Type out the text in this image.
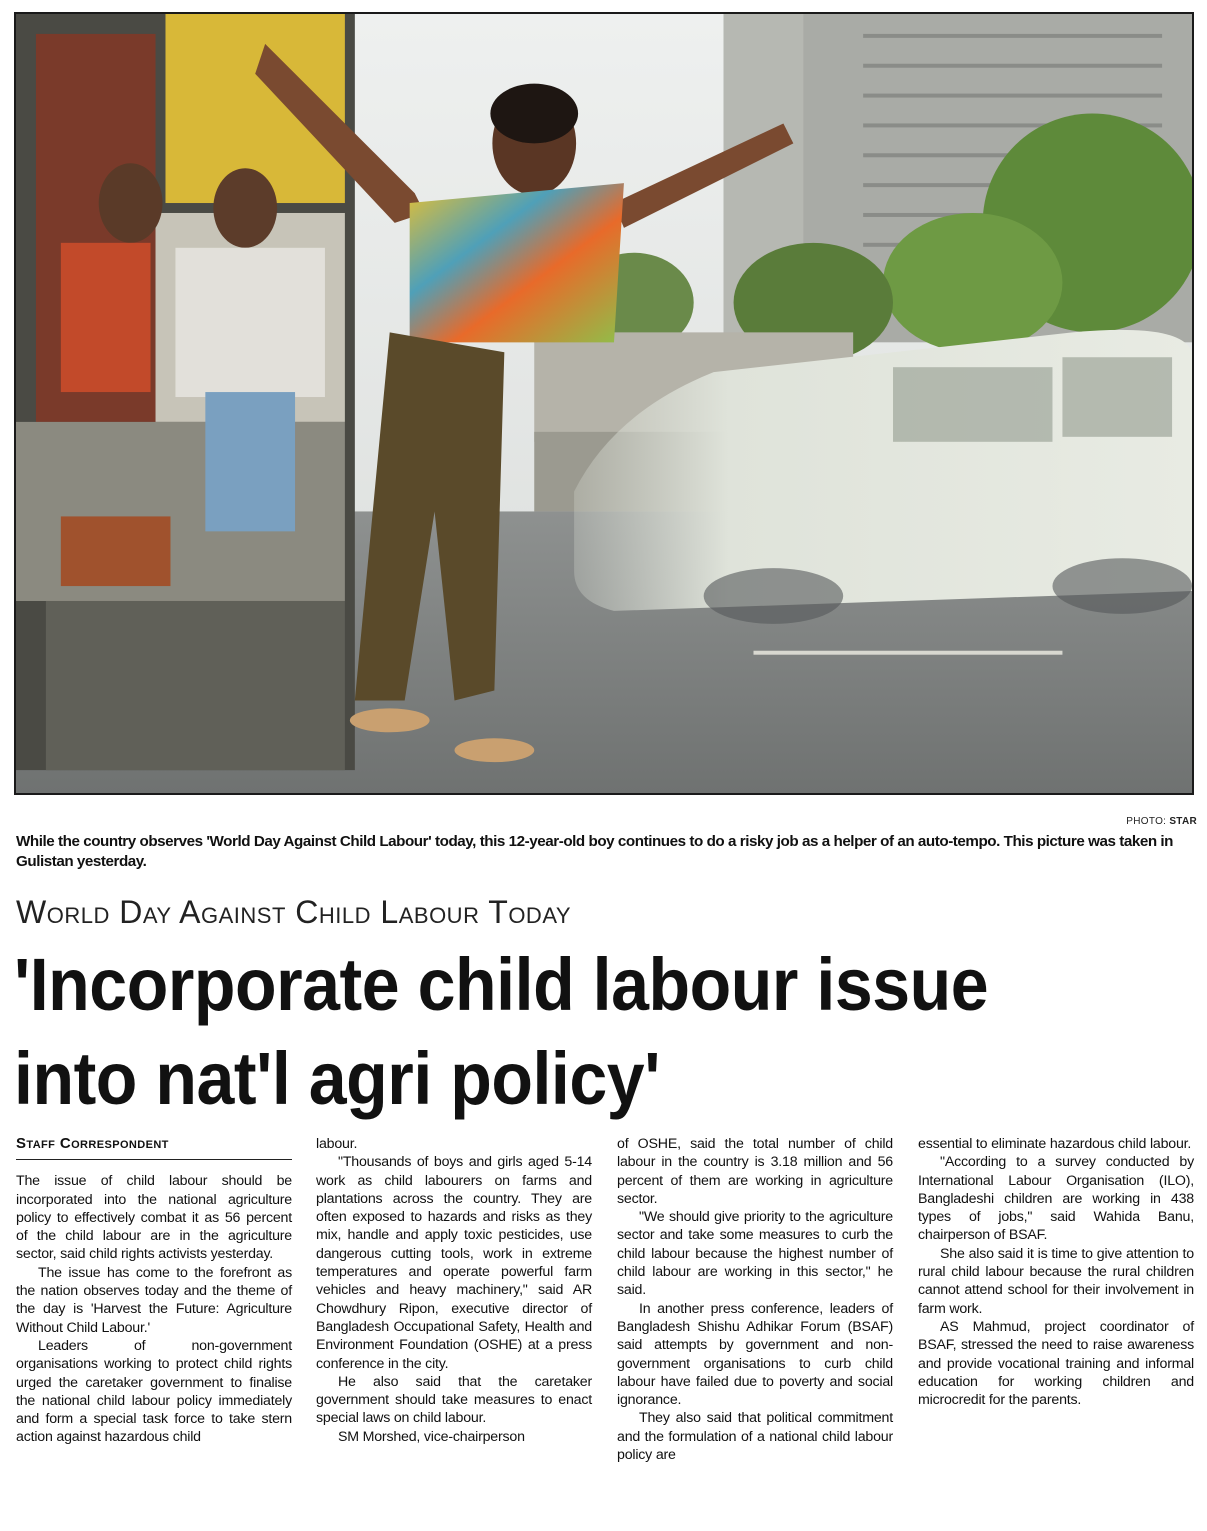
PHOTO: STAR
While the country observes 'World Day Against Child Labour' today, this 12-year-old boy continues to do a risky job as a helper of an auto-tempo. This picture was taken in Gulistan yesterday.
World Day Against Child Labour Today
'Incorporate child labour issue into nat'l agri policy'
Staff Correspondent

The issue of child labour should be incorporated into the national agriculture policy to effectively combat it as 56 percent of the child labour are in the agriculture sector, said child rights activists yesterday.

The issue has come to the forefront as the nation observes today and the theme of the day is 'Harvest the Future: Agriculture Without Child Labour.'

Leaders of non-government organisations working to protect child rights urged the caretaker government to finalise the national child labour policy immediately and form a special task force to take stern action against hazardous child

labour.

"Thousands of boys and girls aged 5-14 work as child labourers on farms and plantations across the country. They are often exposed to hazards and risks as they mix, handle and apply toxic pesticides, use dangerous cutting tools, work in extreme temperatures and operate powerful farm vehicles and heavy machinery," said AR Chowdhury Ripon, executive director of Bangladesh Occupational Safety, Health and Environment Foundation (OSHE) at a press conference in the city.

He also said that the caretaker government should take measures to enact special laws on child labour.

SM Morshed, vice-chairperson

of OSHE, said the total number of child labour in the country is 3.18 million and 56 percent of them are working in agriculture sector.

"We should give priority to the agriculture sector and take some measures to curb the child labour because the highest number of child labour are working in this sector," he said.

In another press conference, leaders of Bangladesh Shishu Adhikar Forum (BSAF) said attempts by government and non-government organisations to curb child labour have failed due to poverty and social ignorance.

They also said that political commitment and the formulation of a national child labour policy are

essential to eliminate hazardous child labour.

"According to a survey conducted by International Labour Organisation (ILO), Bangladeshi children are working in 438 types of jobs," said Wahida Banu, chairperson of BSAF.

She also said it is time to give attention to rural child labour because the rural children cannot attend school for their involvement in farm work.

AS Mahmud, project coordinator of BSAF, stressed the need to raise awareness and provide vocational training and informal education for working children and microcredit for the parents.
